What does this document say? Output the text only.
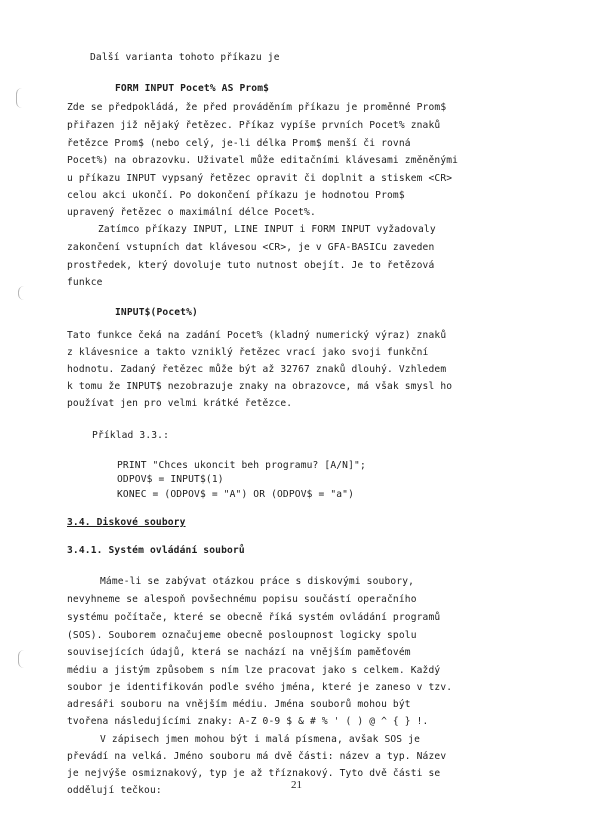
Další varianta tohoto příkazu je
FORM INPUT Pocet% AS Prom$
Zde se předpokládá, že před prováděním příkazu je proměnné Prom$
přiřazen již nějaký řetězec. Příkaz vypíše prvních Pocet% znaků
řetězce Prom$ (nebo celý, je-li délka Prom$ menší či rovná
Pocet%) na obrazovku. Uživatel může editačními klávesami změněnými
u příkazu INPUT vypsaný řetězec opravit či doplnit a stiskem <CR>
celou akci ukončí. Po dokončení příkazu je hodnotou Prom$
upravený řetězec o maximální délce Pocet%.
Zatímco příkazy INPUT, LINE INPUT i FORM INPUT vyžadovaly
zakončení vstupních dat klávesou <CR>, je v GFA-BASICu zaveden
prostředek, který dovoluje tuto nutnost obejít. Je to řetězová
funkce
INPUT$(Pocet%)
Tato funkce čeká na zadání Pocet% (kladný numerický výraz) znaků
z klávesnice a takto vzniklý řetězec vrací jako svoji funkční
hodnotu. Zadaný řetězec může být až 32767 znaků dlouhý. Vzhledem
k tomu že INPUT$ nezobrazuje znaky na obrazovce, má však smysl ho
používat jen pro velmi krátké řetězce.
Příklad 3.3.:
PRINT "Chces ukoncit beh programu? [A/N]";
ODPOV$ = INPUT$(1)
KONEC = (ODPOV$ = "A") OR (ODPOV$ = "a")
3.4. Diskové soubory
3.4.1. Systém ovládání souborů
Máme-li se zabývat otázkou práce s diskovými soubory,
nevyhneme se alespoň povšechnému popisu součástí operačního
systému počítače, které se obecně říká systém ovládání programů
(SOS). Souborem označujeme obecně posloupnost logicky spolu
souvisejících údajů, která se nachází na vnějším paměťovém
médiu a jistým způsobem s ním lze pracovat jako s celkem. Každý
soubor je identifikován podle svého jména, které je zaneso v tzv.
adresáři souboru na vnějším médiu. Jména souborů mohou být
tvořena následujícími znaky: A-Z 0-9 $ & # % ' ( ) @ ^ { } !.
V zápisech jmen mohou být i malá písmena, avšak SOS je
převádí na velká. Jméno souboru má dvě části: název a typ. Název
je nejvýše osmiznakový, typ je až tříznakový. Tyto dvě části se
oddělují tečkou:	21
